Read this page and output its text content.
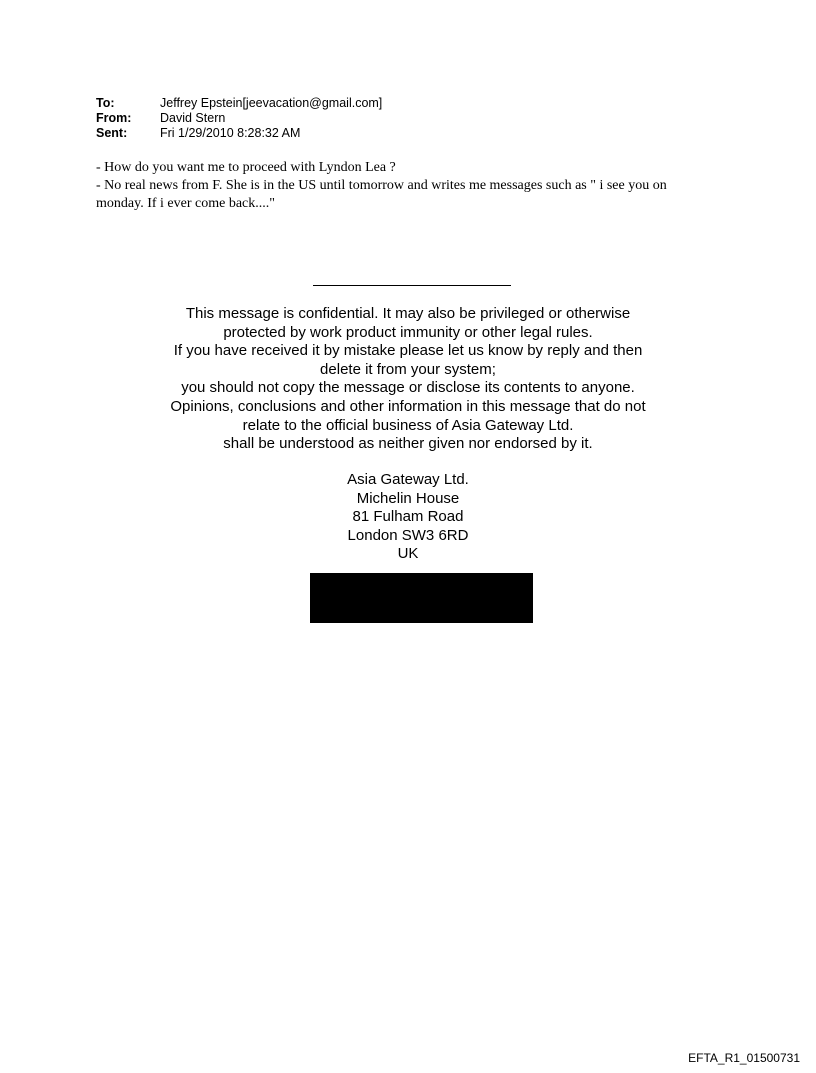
To:	Jeffrey Epstein[jeevacation@gmail.com]
From:	David Stern
Sent:	Fri 1/29/2010 8:28:32 AM

- How do you want me to proceed with Lyndon Lea ?

- No real news from F. She is in the US until tomorrow and writes me messages such as " i see you on monday. If i ever come back...."

This message is confidential. It may also be privileged or otherwise
protected by work product immunity or other legal rules.
If you have received it by mistake please let us know by reply and then
delete it from your system;
you should not copy the message or disclose its contents to anyone.
Opinions, conclusions and other information in this message that do not
relate to the official business of Asia Gateway Ltd.
shall be understood as neither given nor endorsed by it.
Asia Gateway Ltd.
Michelin House
81 Fulham Road
London SW3 6RD
UK
EFTA_R1_01500731
